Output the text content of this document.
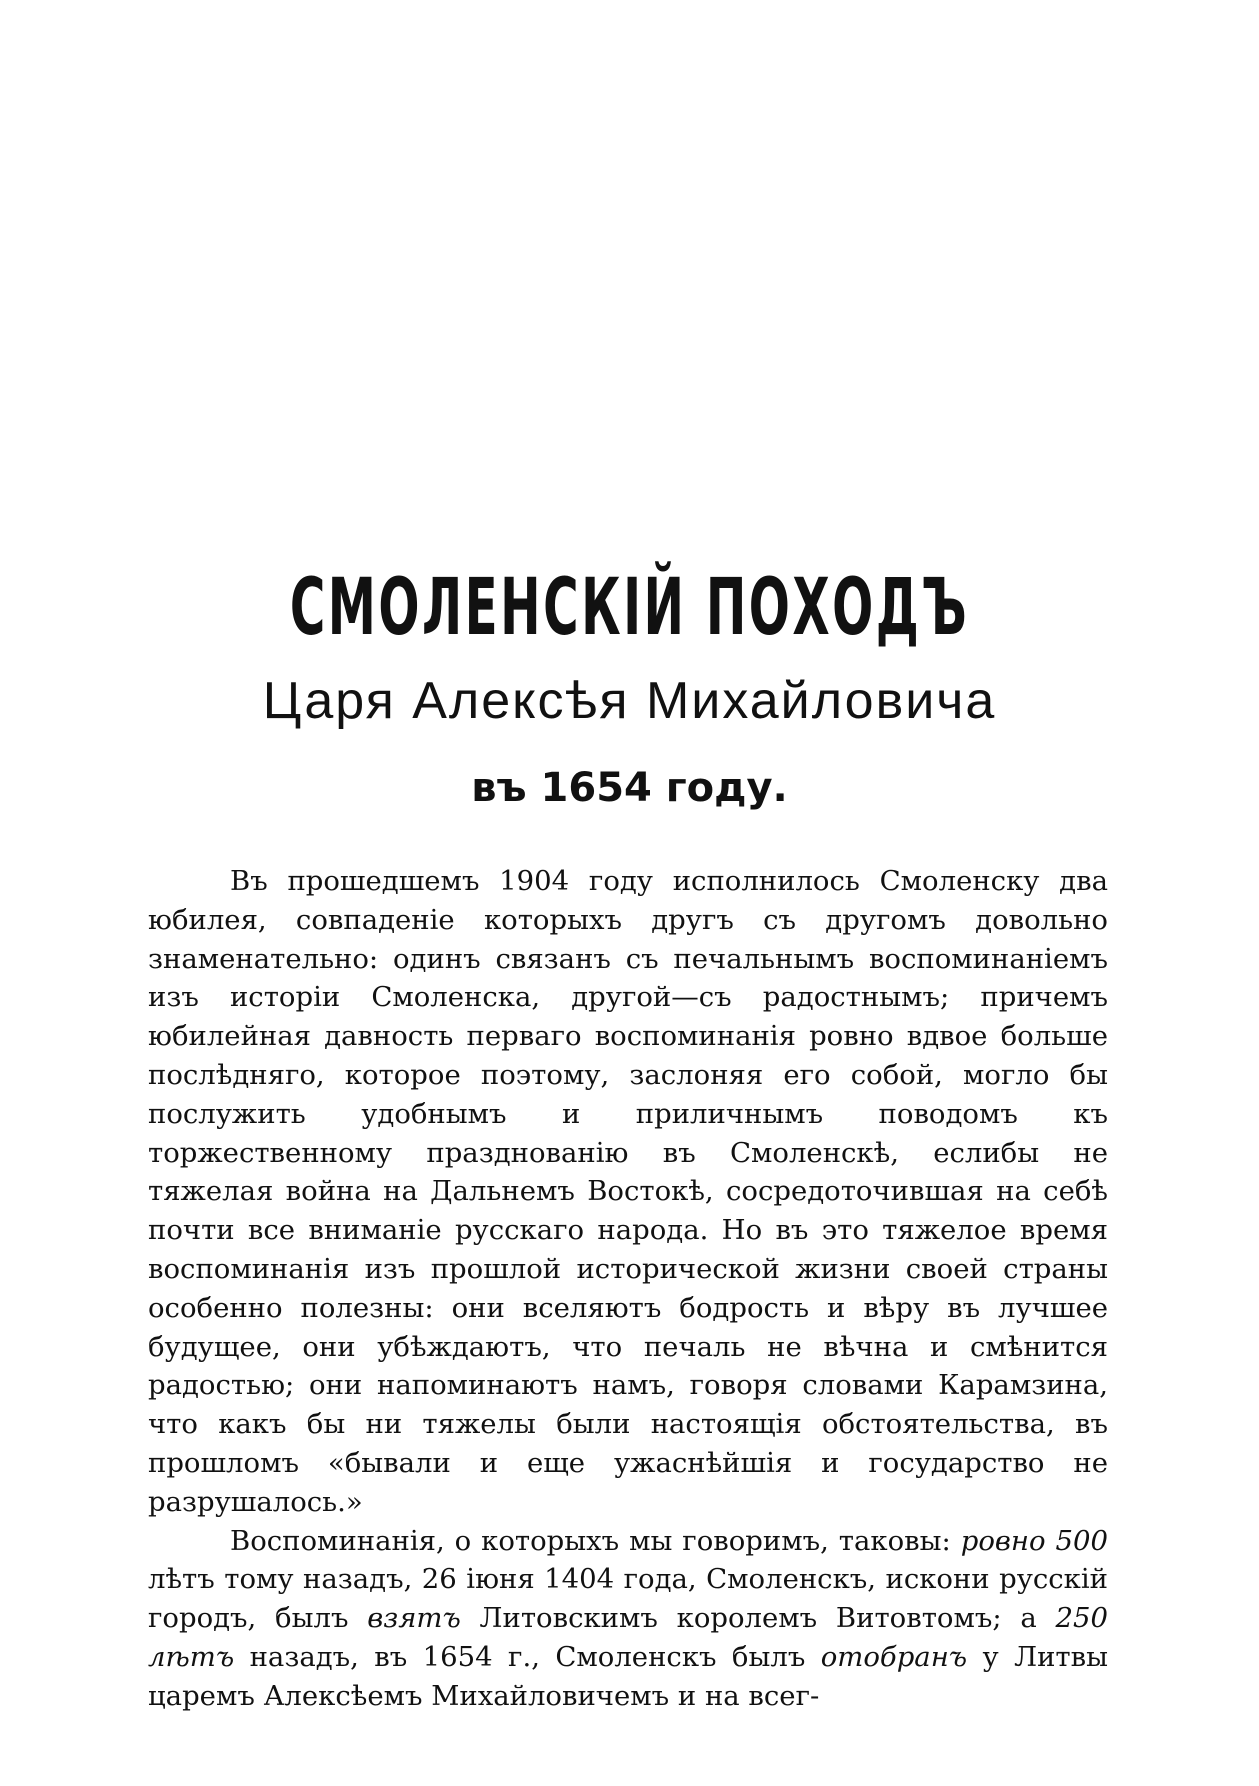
СМОЛЕНСКІЙ ПОХОДЪ
Царя Алексѣя Михайловича
въ 1654 году.

Въ прошедшемъ 1904 году исполнилось Смоленску два юбилея, совпаденіе которыхъ другъ съ другомъ довольно знаменательно: одинъ связанъ съ печальнымъ воспоминаніемъ изъ исторіи Смоленска, другой—съ радостнымъ; причемъ юбилейная давность перваго воспоминанія ровно вдвое больше послѣдняго, которое поэтому, заслоняя его собой, могло бы послужить удобнымъ и приличнымъ поводомъ къ торжественному празднованію въ Смоленскѣ, еслибы не тяжелая война на Дальнемъ Востокѣ, сосредоточившая на себѣ почти все вниманіе русскаго народа. Но въ это тяжелое время воспоминанія изъ прошлой исторической жизни своей страны особенно полезны: они вселяютъ бодрость и вѣру въ лучшее будущее, они убѣждаютъ, что печаль не вѣчна и смѣнится радостью; они напоминаютъ намъ, говоря словами Карамзина, что какъ бы ни тяжелы были настоящія обстоятельства, въ прошломъ «бывали и еще ужаснѣйшія и государство не разрушалось.»

Воспоминанія, о которыхъ мы говоримъ, таковы: ровно 500 лѣтъ тому назадъ, 26 іюня 1404 года, Смоленскъ, искони русскій городъ, былъ взятъ Литовскимъ королемъ Витовтомъ; а 250 лѣтъ назадъ, въ 1654 г., Смоленскъ былъ отобранъ у Литвы царемъ Алексѣемъ Михайловичемъ и на всег-
